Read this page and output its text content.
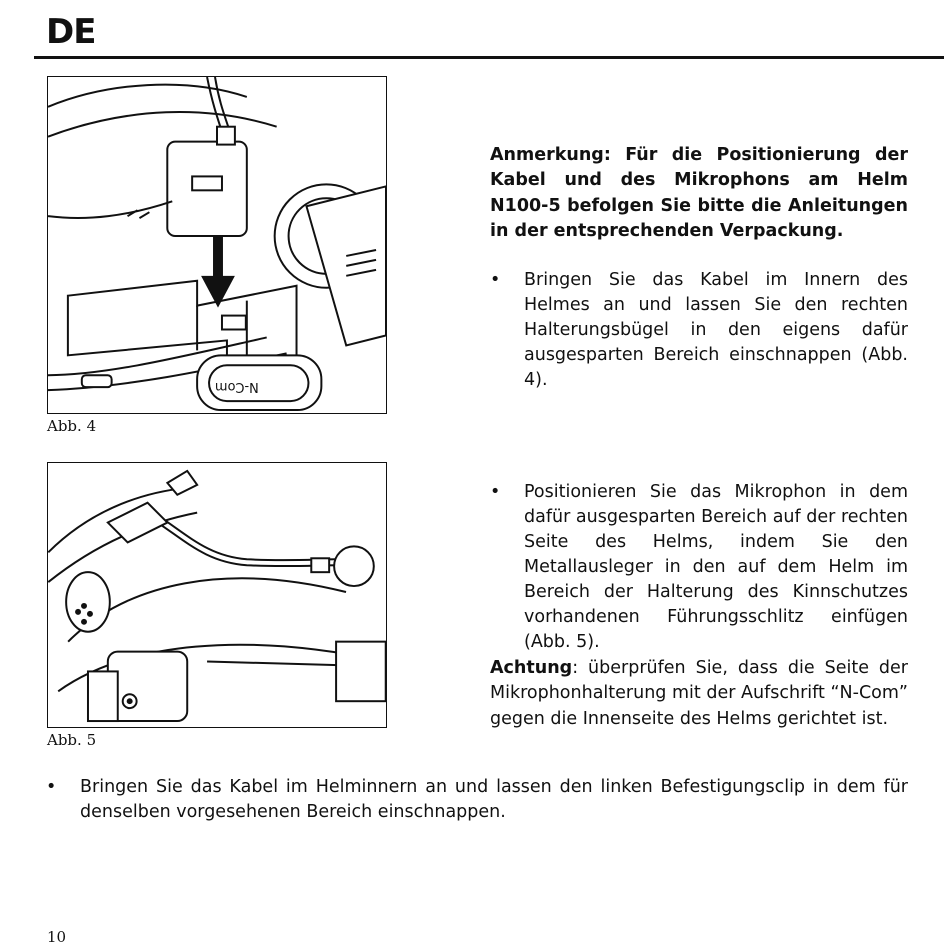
DE
N-Com
Abb. 4
Abb. 5
Anmerkung: Für die Positionierung der Kabel und des Mikrophons am Helm N100-5 befolgen Sie bitte die Anleitungen in der entsprechenden Verpackung.
• Bringen Sie das Kabel im Innern des Helmes an und lassen Sie den rechten Halterungsbügel in den eigens dafür ausgesparten Bereich einschnappen (Abb. 4).
• Positionieren Sie das Mikrophon in dem dafür ausgesparten Bereich auf der rechten Seite des Helms, indem Sie den Metallausleger in den auf dem Helm im Bereich der Halterung des Kinnschutzes vorhandenen Führungsschlitz einfügen (Abb. 5).
Achtung: überprüfen Sie, dass die Seite der Mikrophonhalterung mit der Aufschrift “N-Com” gegen die Innenseite des Helms gerichtet ist.
• Bringen Sie das Kabel im Helminnern an und lassen den linken Befestigungsclip in dem für denselben vorgesehenen Bereich einschnappen.
10
